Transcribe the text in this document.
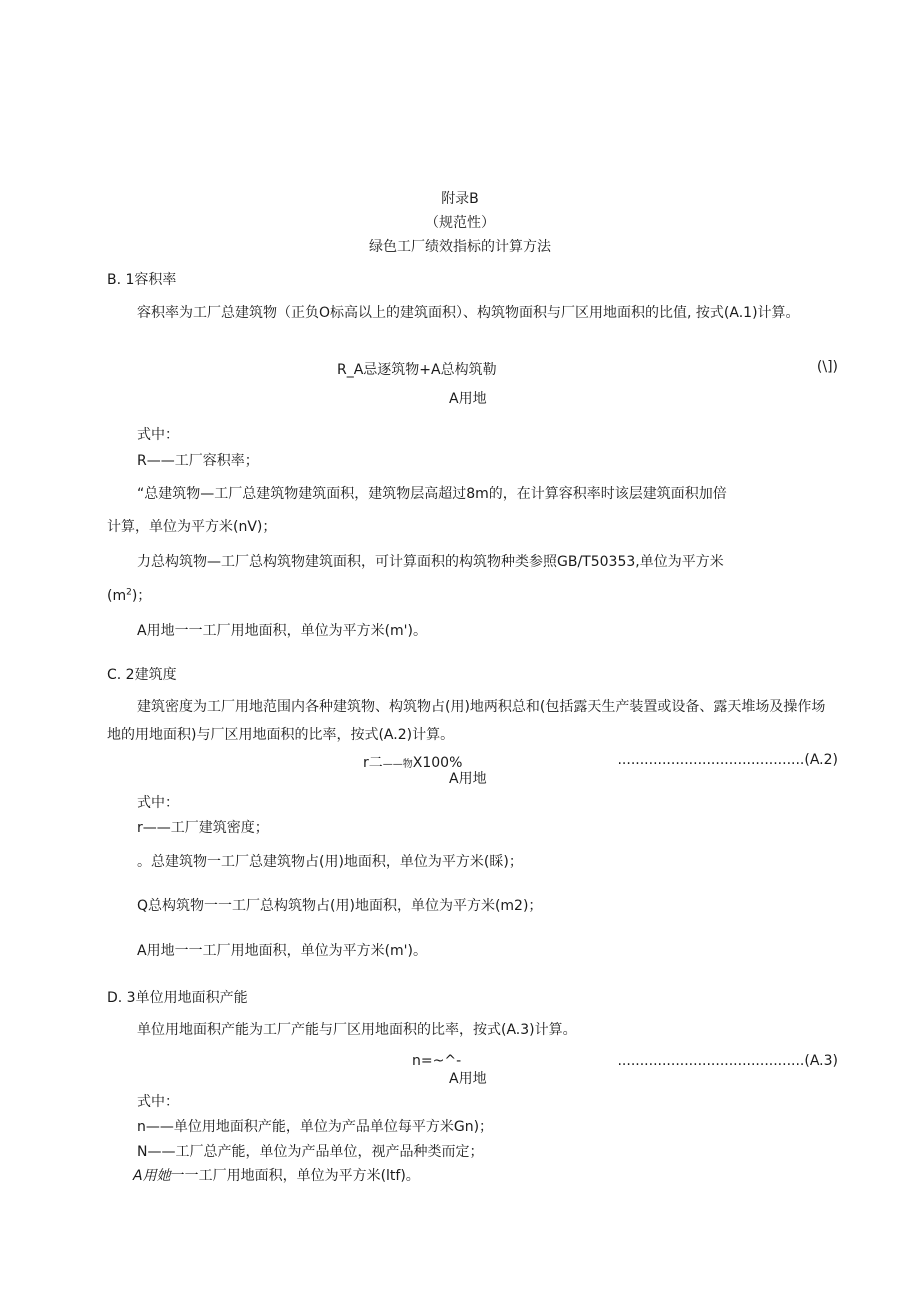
附录B
（规范性）
绿色工厂绩效指标的计算方法
B. 1容积率
容积率为工厂总建筑物（正负O标高以上的建筑面积）、构筑物面积与厂区用地面积的比值, 按式(A.1)计算。
R_A忌逐筑物+A总构筑勒	(\])
A用地
式中：
R——工厂容积率；
“总建筑物—工厂总建筑物建筑面积，建筑物层高超过8m的，在计算容积率时该层建筑面积加倍
计算，单位为平方米(nV)；
力总构筑物—工厂总构筑物建筑面积，可计算面积的构筑物种类参照GB/T50353,单位为平方米
$(m^2)$；
A用地一一工厂用地面积，单位为平方米(m')。
C. 2建筑度
建筑密度为工厂用地范围内各种建筑物、构筑物占(用)地两积总和(包括露天生产装置或设备、露天堆场及操作场地的用地面积)与厂区用地面积的比率，按式(A.2)计算。
r二——物X100%	..........................................(A.2)
A用地
式中：
r——工厂建筑密度；
。总建筑物一工厂总建筑物占(用)地面积，单位为平方米(睬)；
Q总构筑物一一工厂总构筑物占(用)地面积，单位为平方米(m2)；
A用地一一工厂用地面积，单位为平方米(m')。
D. 3单位用地面积产能
单位用地面积产能为工厂产能与厂区用地面积的比率，按式(A.3)计算。
n=~^-	..........................................(A.3)
A用地
式中：
n——单位用地面积产能，单位为产品单位每平方米Gn)；
N——工厂总产能，单位为产品单位，视产品种类而定；
A用她一一工厂用地面积，单位为平方米(ltf)。
